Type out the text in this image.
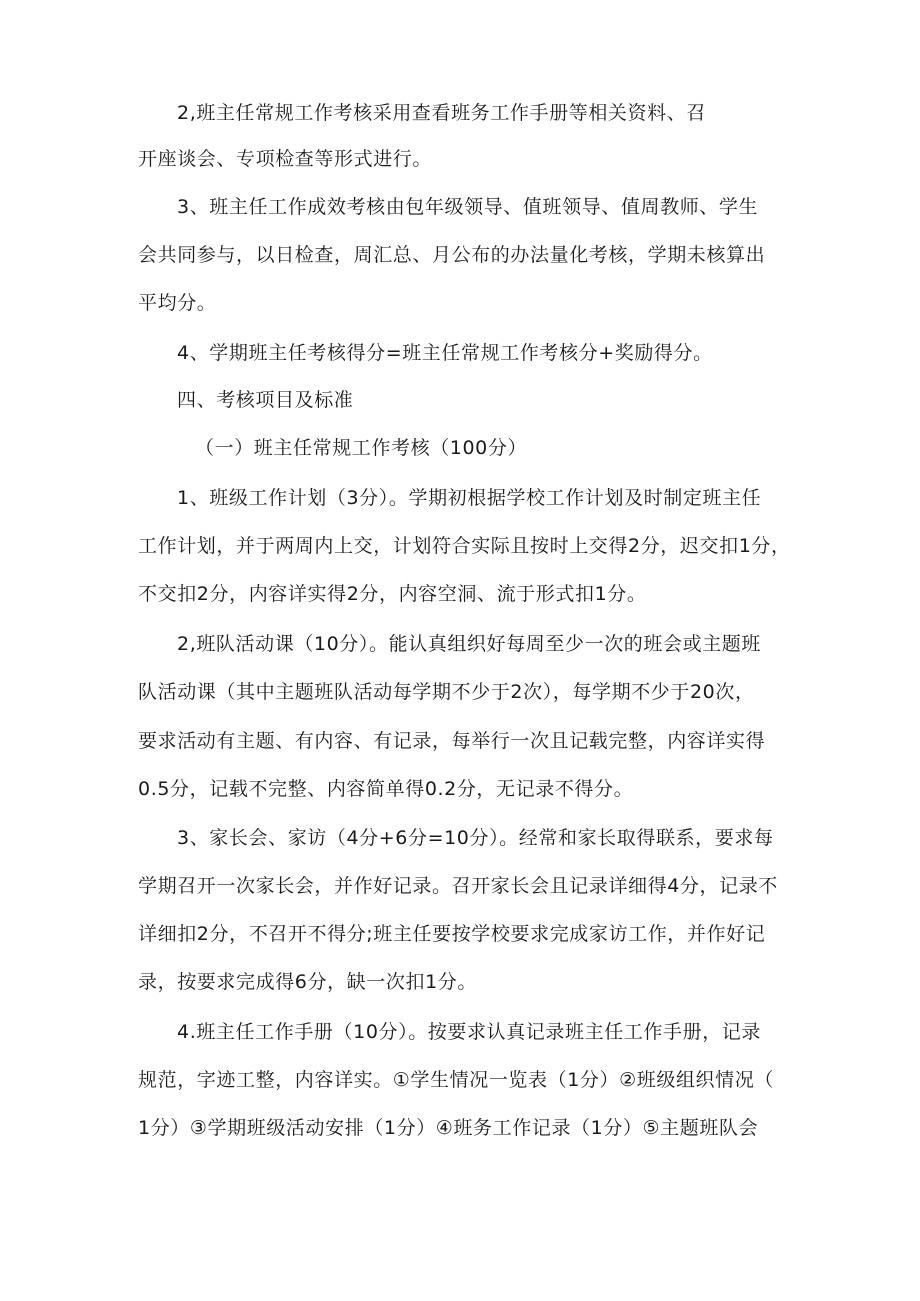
2,班主任常规工作考核采用查看班务工作手册等相关资料、召
开座谈会、专项检查等形式进行。
3、班主任工作成效考核由包年级领导、值班领导、值周教师、学生
会共同参与，以日检查，周汇总、月公布的办法量化考核，学期未核算出
平均分。
4、学期班主任考核得分=班主任常规工作考核分+奖励得分。
四、考核项目及标准
（一）班主任常规工作考核（100分）
1、班级工作计划（3分）。学期初根据学校工作计划及时制定班主任
工作计划，并于两周内上交，计划符合实际且按时上交得2分，迟交扣1分，
不交扣2分，内容详实得2分，内容空洞、流于形式扣1分。
2,班队活动课（10分）。能认真组织好每周至少一次的班会或主题班
队活动课（其中主题班队活动每学期不少于2次），每学期不少于20次，
要求活动有主题、有内容、有记录，每举行一次且记载完整，内容详实得
0.5分，记载不完整、内容简单得0.2分，无记录不得分。
3、家长会、家访（4分+6分=10分）。经常和家长取得联系，要求每
学期召开一次家长会，并作好记录。召开家长会且记录详细得4分，记录不
详细扣2分，不召开不得分;班主任要按学校要求完成家访工作，并作好记
录，按要求完成得6分，缺一次扣1分。
4.班主任工作手册（10分）。按要求认真记录班主任工作手册，记录
规范，字迹工整，内容详实。①学生情况一览表（1分）②班级组织情况（
1分）③学期班级活动安排（1分）④班务工作记录（1分）⑤主题班队会
